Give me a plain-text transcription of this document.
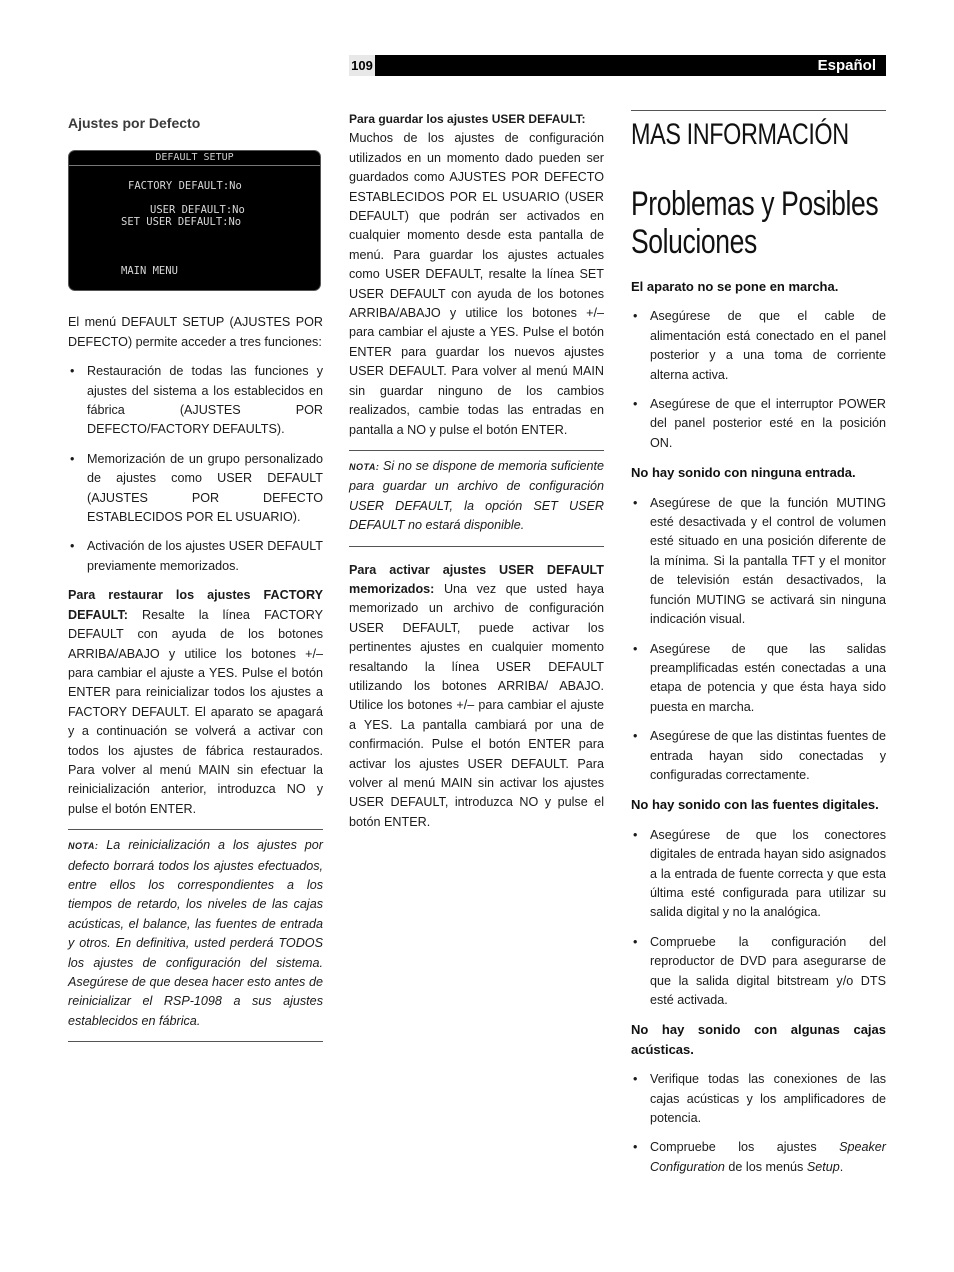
109	Español
Ajustes por Defecto
DEFAULT SETUP
FACTORY DEFAULT:No
USER DEFAULT:No
SET USER DEFAULT:No
MAIN MENU

El menú DEFAULT SETUP (AJUSTES POR DEFECTO) permite acceder a tres funciones:

• Restauración de todas las funciones y ajustes del sistema a los establecidos en fábrica (AJUSTES POR DEFECTO/FACTORY DEFAULTS).
• Memorización de un grupo personalizado de ajustes como USER DEFAULT (AJUSTES POR DEFECTO ESTABLECIDOS POR EL USUARIO).
• Activación de los ajustes USER DEFAULT previamente memorizados.

Para restaurar los ajustes FACTORY DEFAULT: Resalte la línea FACTORY DEFAULT con ayuda de los botones ARRIBA/ABAJO y utilice los botones +/– para cambiar el ajuste a YES. Pulse el botón ENTER para reinicializar todos los ajustes a FACTORY DEFAULT. El aparato se apagará y a continuación se volverá a activar con todos los ajustes de fábrica restaurados. Para volver al menú MAIN sin efectuar la reinicialización anterior, introduzca NO y pulse el botón ENTER.

NOTA: La reinicialización a los ajustes por defecto borrará todos los ajustes efectuados, entre ellos los correspondientes a los tiempos de retardo, los niveles de las cajas acústicas, el balance, las fuentes de entrada y otros. En definitiva, usted perderá TODOS los ajustes de configuración del sistema. Asegúrese de que desea hacer esto antes de reinicializar el RSP-1098 a sus ajustes establecidos en fábrica.

Para guardar los ajustes USER DEFAULT:

Muchos de los ajustes de configuración utilizados en un momento dado pueden ser guardados como AJUSTES POR DEFECTO ESTABLECIDOS POR EL USUARIO (USER DEFAULT) que podrán ser activados en cualquier momento desde esta pantalla de menú. Para guardar los ajustes actuales como USER DEFAULT, resalte la línea SET USER DEFAULT con ayuda de los botones ARRIBA/ABAJO y utilice los botones +/– para cambiar el ajuste a YES. Pulse el botón ENTER para guardar los nuevos ajustes USER DEFAULT. Para volver al menú MAIN sin guardar ninguno de los cambios realizados, cambie todas las entradas en pantalla a NO y pulse el botón ENTER.

NOTA: Si no se dispone de memoria suficiente para guardar un archivo de configuración USER DEFAULT, la opción SET USER DEFAULT no estará disponible.

Para activar ajustes USER DEFAULT memorizados: Una vez que usted haya memorizado un archivo de configuración USER DEFAULT, puede activar los pertinentes ajustes en cualquier momento resaltando la línea USER DEFAULT utilizando los botones ARRIBA/ ABAJO. Utilice los botones +/– para cambiar el ajuste a YES. La pantalla cambiará por una de confirmación. Pulse el botón ENTER para activar los ajustes USER DEFAULT. Para volver al menú MAIN sin activar los ajustes USER DEFAULT, introduzca NO y pulse el botón ENTER.

MAS INFORMACIÓN
Problemas y Posibles Soluciones
El aparato no se pone en marcha.
• Asegúrese de que el cable de alimentación está conectado en el panel posterior y a una toma de corriente alterna activa.
• Asegúrese de que el interruptor POWER del panel posterior esté en la posición ON.
No hay sonido con ninguna entrada.
• Asegúrese de que la función MUTING esté desactivada y el control de volumen esté situado en una posición diferente de la mínima. Si la pantalla TFT y el monitor de televisión están desactivados, la función MUTING se activará sin ninguna indicación visual.
• Asegúrese de que las salidas preamplificadas estén conectadas a una etapa de potencia y que ésta haya sido puesta en marcha.
• Asegúrese de que las distintas fuentes de entrada hayan sido conectadas y configuradas correctamente.
No hay sonido con las fuentes digitales.
• Asegúrese de que los conectores digitales de entrada hayan sido asignados a la entrada de fuente correcta y que esta última esté configurada para utilizar su salida digital y no la analógica.
• Compruebe la configuración del reproductor de DVD para asegurarse de que la salida digital bitstream y/o DTS esté activada.
No hay sonido con algunas cajas acústicas.
• Verifique todas las conexiones de las cajas acústicas y los amplificadores de potencia.
• Compruebe los ajustes Speaker Configuration de los menús Setup.
